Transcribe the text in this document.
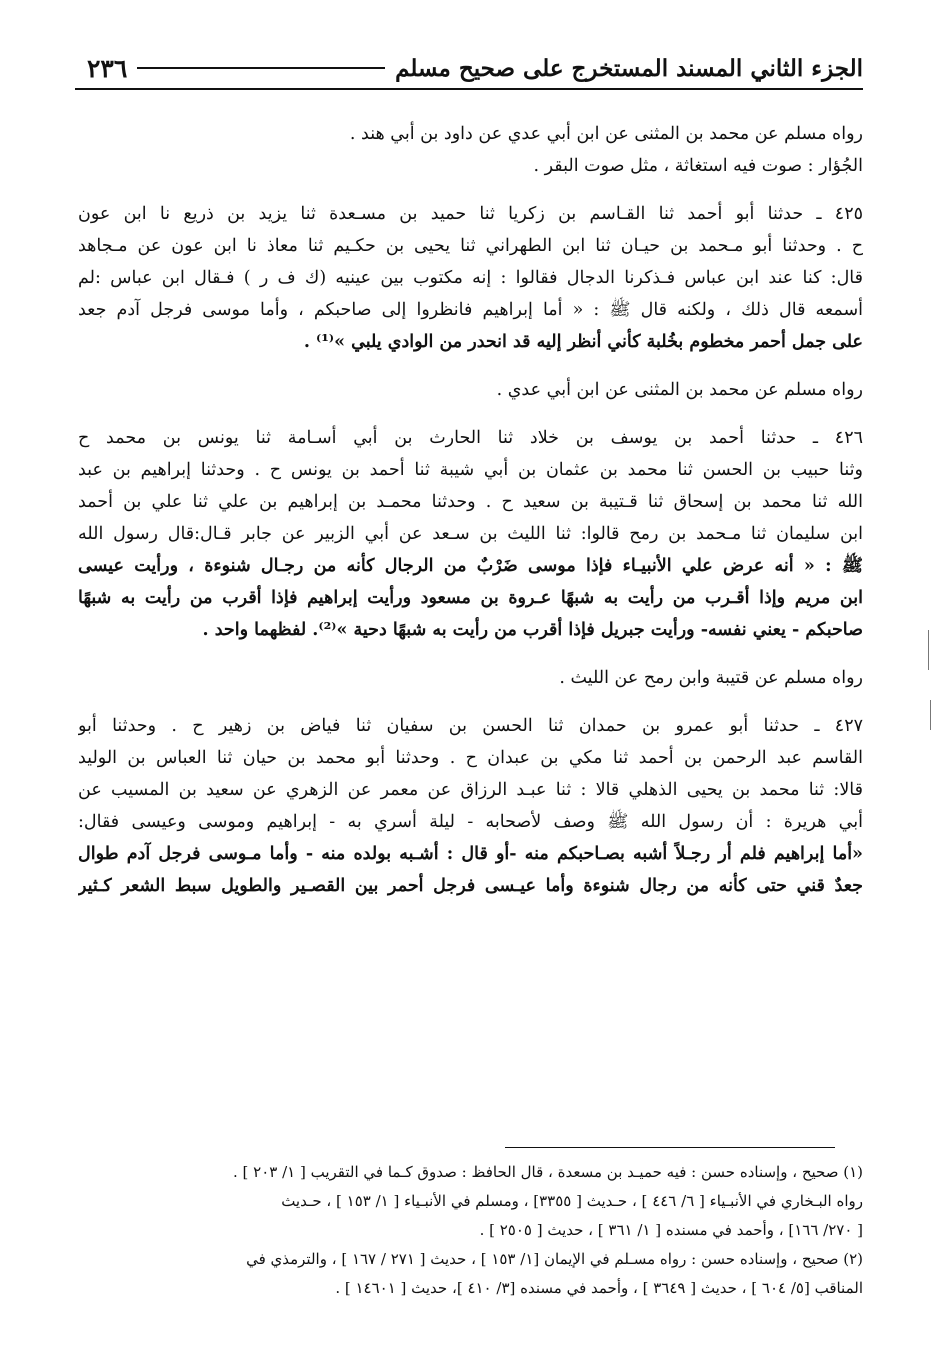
الجزء الثاني المسند المستخرج على صحيح مسلم
٢٣٦
رواه مسلم عن محمد بن المثنى عن ابن أبي عدي عن داود بن أبي هند .
الجُؤار : صوت فيه استغاثة ، مثل صوت البقر .
٤٢٥ ـ حدثنا أبو أحمد ثنا القـاسم بن زكريا ثنا حميد بن مسـعدة ثنا يزيد بن ذريع نا ابن عون
ح . وحدثنا أبو مـحمد بن حيـان ثنا ابن الطهراني ثنا يحيى بن حكـيم ثنا معاذ نا ابن عون عن مـجاهد
قال: كنا عند ابن عباس فـذكرنا الدجال فقالوا : إنه مكتوب بين عينيه (ك ف ر ) فـقال ابن عباس :لم
أسمعه قال ذلك ، ولكنه قال ﷺ : « أما إبراهيم فانظروا إلى صاحبكم ، وأما موسى فرجل آدم جعد
على جمل أحمر مخطوم بخُلبة كأني أنظر إليه قد انحدر من الوادي يلبي »⁽¹⁾ .
رواه مسلم عن محمد بن المثنى عن ابن أبي عدي .
٤٢٦ ـ حدثنا أحمد بن يوسف بن خلاد ثنا الحارث بن أبي أسـامة ثنا يونس بن محمد ح
وثنا حبيب بن الحسن ثنا محمد بن عثمان بن أبي شيبة ثنا أحمد بن يونس ح . وحدثنا إبراهيم بن عبد
الله ثنا محمد بن إسحاق ثنا قـتيبة بن سعيد ح . وحدثنا محمـد بن إبراهيم بن علي ثنا علي بن أحمد
ابن سليمان ثنا مـحمد بن رمح قالوا: ثنا الليث بن سـعد عن أبي الزبير عن جابر قـال:قال رسول الله
ﷺ : « أنه عرض علي الأنبيـاء فإذا موسى ضَرْبٌ من الرجال كأنه من رجـال شنوءة ، ورأيت عيسى
ابن مريم وإذا أقـرب من رأيت به شبهًا عـروة بن مسعود ورأيت إبراهيم فإذا أقرب من رأيت به شبهًا
صاحبكم - يعني نفسه- ورأيت جبريل فإذا أقرب من رأيت به شبهًا دحية »⁽²⁾. لفظهما واحد .
رواه مسلم عن قتيبة وابن رمح عن الليث .
٤٢٧ ـ حدثنا أبو عمرو بن حمدان ثنا الحسن بن سفيان ثنا فياض بن زهير ح . وحدثنا أبو
القاسم عبد الرحمن بن أحمد ثنا مكي بن عبدان ح . وحدثنا أبو محمد بن حيان ثنا العباس بن الوليد
قالا: ثنا محمد بن يحيى الذهلي قالا : ثنا عبـد الرزاق عن معمر عن الزهري عن سعيد بن المسيب عن
أبي هريرة : أن رسول الله ﷺ وصف لأصحابه - ليلة أسري به - إبراهيم وموسى وعيسى فقال:
«أما إبراهيم فلم أر رجـلاً أشبه بصـاحبكم منه -أو قال : أشـبه بولده منه - وأما مـوسى فرجل آدم طوال
جعدٌ قني حتى كأنه من رجال شنوءة وأما عيـسى فرجل أحمر بين القصـير والطويل سبط الشعر كـثير
(١) صحيح ، وإسناده حسن : فيه حميـد بن مسعدة ، قال الحافظ : صدوق كـما في التقريب [ ١/ ٢٠٣ ] .
رواه البـخاري في الأنبـياء [ ٦/ ٤٤٦ ] ، حـديث [ ٣٣٥٥] ، ومسلم في الأنبـياء [ ١/ ١٥٣ ] ، حـديث
[ ٢٧٠/ ١٦٦] ، وأحمد في مسنده [ ١/ ٣٦١ ] ، حديث [ ٢٥٠٥ ] .
(٢) صحيح ، وإسناده حسن : رواه مسـلم في الإيمان [١/ ١٥٣ ] ، حديث [ ٢٧١ / ١٦٧ ] ، والترمذي في
المناقب [٥/ ٦٠٤ ] ، حديث [ ٣٦٤٩ ] ، وأحمد في مسنده [٣/ ٤١٠ ]، حديث [ ١٤٦٠١ ] .
